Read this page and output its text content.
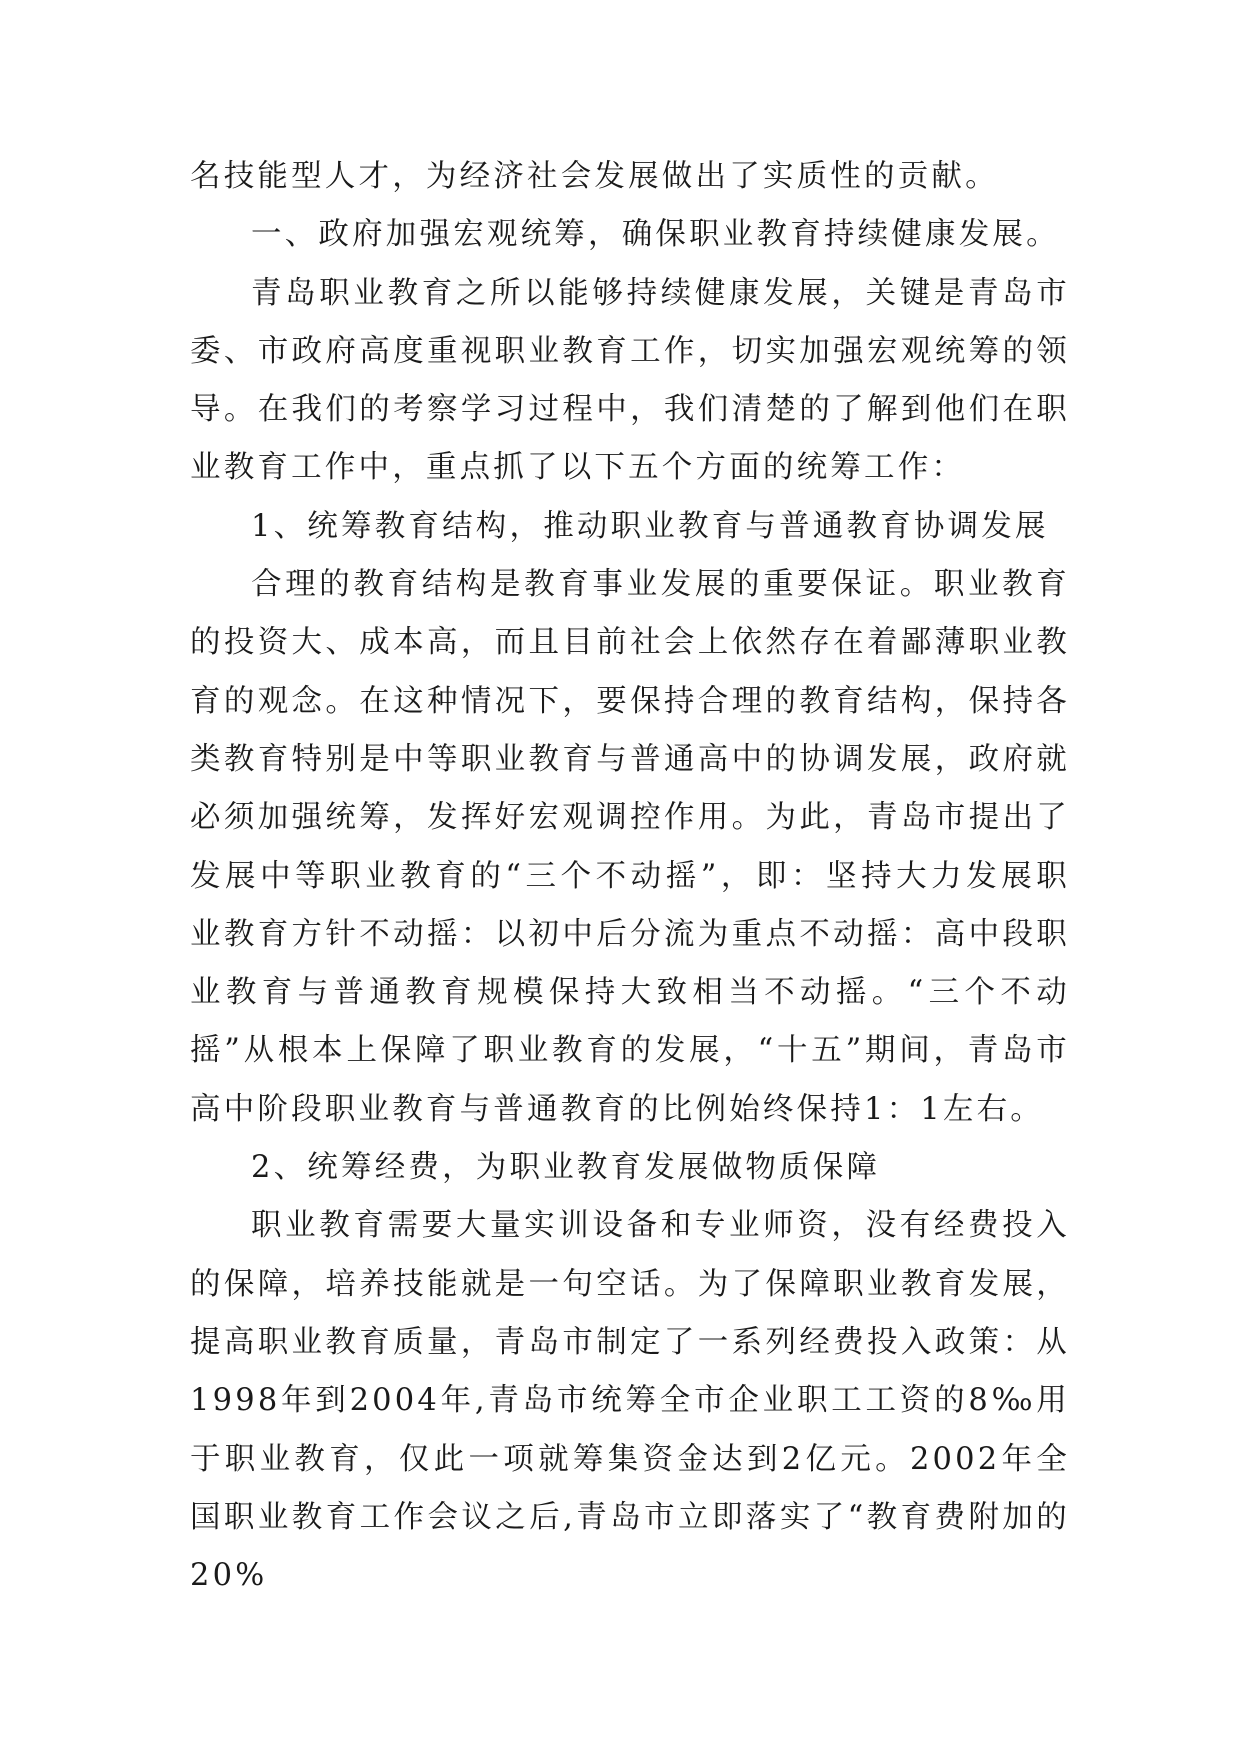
名技能型人才，为经济社会发展做出了实质性的贡献。

一、政府加强宏观统筹，确保职业教育持续健康发展。

青岛职业教育之所以能够持续健康发展，关键是青岛市委、市政府高度重视职业教育工作，切实加强宏观统筹的领导。在我们的考察学习过程中，我们清楚的了解到他们在职业教育工作中，重点抓了以下五个方面的统筹工作：

1、统筹教育结构，推动职业教育与普通教育协调发展

合理的教育结构是教育事业发展的重要保证。职业教育的投资大、成本高，而且目前社会上依然存在着鄙薄职业教育的观念。在这种情况下，要保持合理的教育结构，保持各类教育特别是中等职业教育与普通高中的协调发展，政府就必须加强统筹，发挥好宏观调控作用。为此，青岛市提出了发展中等职业教育的“三个不动摇”，即：坚持大力发展职业教育方针不动摇：以初中后分流为重点不动摇：高中段职业教育与普通教育规模保持大致相当不动摇。“三个不动摇”从根本上保障了职业教育的发展，“十五”期间，青岛市高中阶段职业教育与普通教育的比例始终保持1：1左右。

2、统筹经费，为职业教育发展做物质保障

职业教育需要大量实训设备和专业师资，没有经费投入的保障，培养技能就是一句空话。为了保障职业教育发展，提高职业教育质量，青岛市制定了一系列经费投入政策：从1998年到2004年,青岛市统筹全市企业职工工资的8‰用于职业教育，仅此一项就筹集资金达到2亿元。2002年全国职业教育工作会议之后,青岛市立即落实了“教育费附加的20%
